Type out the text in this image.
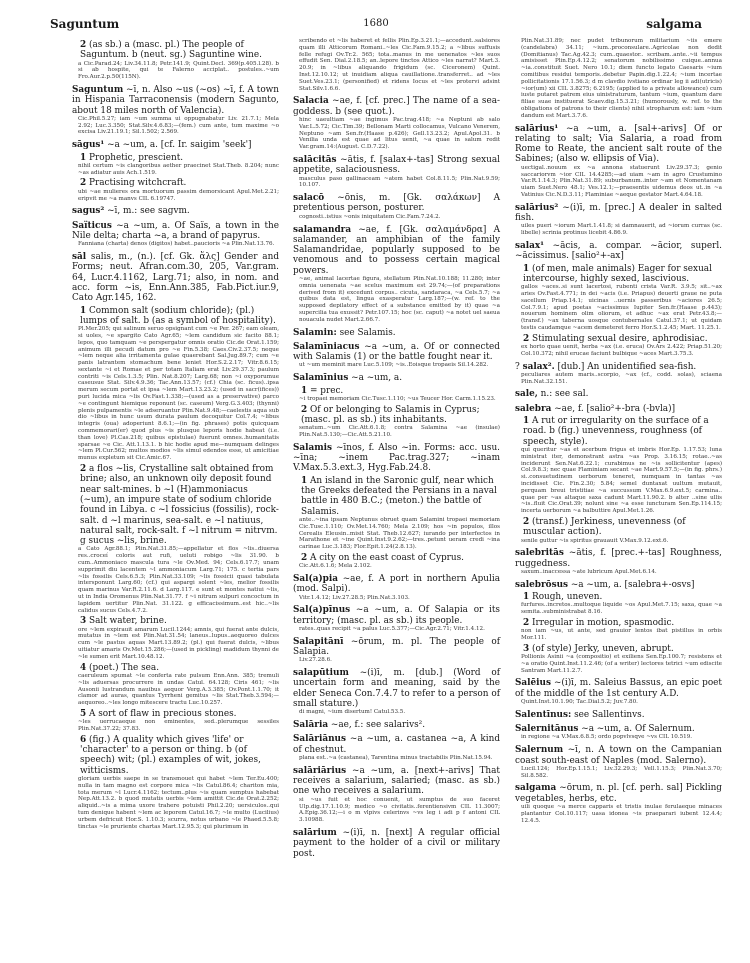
Saguntum	1680	salgama
2 (as sb.) a (masc. pl.) The people of Saguntum. b (neut. sg.) Saguntine wine.
a Cic.Parad.24; Liv.34.11.8; Petr.141.9; Quint.Decl. 369(p.405.l.28). b si ab hospite, qui te Falerno acciplat.. postules..~um Fro.Aur.2.p.50(115N).
Saguntum ~ī, n. Also ~us (~os) ~ī, f. A town in Hispania Tarraconensis (modern Sagunto, about 18 miles north of Valencia).
Cic.Phil.5.27; iam ~um summa ui oppugnabatur Liv. 21.7.1; Mela 2.92; Luc.3.350; Stat.Silv.4.6.83;—(fem.) cum ante, tum maxime ~o excisa Liv.21.19.1; Sil.1.502; 2.569.
sāgus¹ ~a ~um, a. [cf. Ir. saigim 'seek']
1 Prophetic, prescient.
nihil certum ~is clangoribus aether praecinet Stat.Theb. 8.204; nunc ~as adiatur auis Ach.1.519.
2 Practising witchcraft.
ubi ~ae mulieres ora mortuorum passim demorsicant Apul.Met.2.21; eripvit me ~a manvs CIL 6.19747.
sagus² ~ī, m.: see sagvm.
Saïticus ~a ~um, a. Of Saïs, a town in the Nile delta; charta ~a, a brand of papyrus.
Fanniana (charta) denos (digitos) habet..paucioris ~a Plin.Nat.13.76.
sāl salis, m., (n.). [cf. Gk. ἅλς] Gender and Forms; neut. Afran.com.30, 205, Var.gram. 64, Lucr.4.1162, Larg.71; also, in nom. and acc. form ~is, Enn.Ann.385, Fab.Pict.iur.9, Cato Agr.145, 162.
1 Common salt (sodium chloride); (pl.) lumps of salt. b (as a symbol of hospitality).
Pl.Mer.205; qui salinum seruo opsignant cum ~e Per. 267; eam oleam, si uoles, ~e spargito Cato Agr.65; ~lem candidum sic facito 88.1; lepos, quo tamquam ~e perspergatur omnis oratio Cic.de Orat.1.159; animum illi pecudi datum pro ~e Fin.5.38; Caes.Civ.2.37.5; neque ~lem neque alia irritamenta gulae quaerebant Sal.Jug.89.7; cum ~e panis latrantem stomachum bene leniet Hor.S.2.2.17; Vitr.8.6.15; sextante ~i et Romae et per totam Italiam erat Liv.29.37.3; paulum contriti ~is Cels.1.3.5; Plin. Nat.8.207; Larg.68; non ~i oxyporumue caseusue Stat. Silv.4.9.36; Tac.Ann.13.57; (cf.) Chia (sc. ficus)..ipsa merum secum portat et ipsa ~lem Mart.13.23.2; (used in sacr(ifices)) puri lucida mica ~lis Ov.Fast.1.338;—(used as a preservative) parco ~e contingunt hiemique reponunt (sc. caseum) Verg.G.3.403; (thynni) plenis pulpamentis ~le adseruantur Plin.Nat.9.48;—caelestis aqua sub dio ~libus in hunc usum durata paulum decoquitur Col.7.4; ~libus integris (oua) adoperiunt 8.6.1;—(in fig. phrases) potis quicquam commemorari(er) quod plus ~is plusque leporis hodie habeat (i.e. than love) Pl.Cas.218; quibus epistulae) fuerunt omnes..humanitatis sparsae ~e Cic. Att.1.13.1. b hic hodie apud me—numquam delinges ~lem Pl.Cur.562; multos modios ~lis simul edendos esse, ut amicitiae munus expletum sit Cic.Amic.67.
2 a flos ~lis, Crystalline salt obtained from brine; also, an unknown oily deposit found near salt-mines. b ~l (H)ammoniacus (~um), an impure state of sodium chloride found in Libya. c ~l fossicius (fossilis), rock-salt. d ~l marinus, sea-salt. e ~l natiuus, natural salt, rock-salt. f ~l nitrum = nitrvm. g sucus ~lis, brine.
a Cato Agr.88.1; Plin.Nat.31.85;—appellatur et flos ~lis..diuersa res..croceí coloris aut rufi, ueluti robigo ~lis 31.90. b cum..Ammoniaco mascula tura ~le Ov.Med. 94; Cels.6.17.7; unam supprimit diu lacentem ~l ammoniacum Larg.71; 175. c tertia pars ~lis fossilis Cels.6.5.3; Plin.Nat.33.109; ~lis fossicii quasi tabulata intersponunt Larg.60; (cf.) qui aspargi solent ~les, melior fossilis quam marinus Var.R.2.11.6. d Larg.117. e sunt et montes natiui ~lis, ut in India Oromenus Plin.Nat.31.77. f ~i nitrum sulpuri concoctum in lapidem uertitur Plin.Nat. 31.122. g efficacissimum..est hic..~lis calidus sucus Cels.4.7.2.
3 Salt water, brine.
ore ~lem expirauit amarum Lucil.1244; amnis, qui fuerat ante dulcis, mutatus in ~lem est Plin.Nat.31.54; laneus..lupus..aequoreo dulces cum ~le pastus aquas Mart.13.89.2; (pl.) qui fuerat dulcis, ~libus uitiatur amaris Ov.Met.15.286;—(used in pickling) madidum thynni de ~le sumen erit Mart.10.48.12.
4 (poet.) The sea.
caeruleum spumat ~le conferta rate pulsum Enn.Ann. 385; tremuli ~lis aduersas procurrere in undas Catul. 64.128; Ciris 461; ~lis Ausonii lustrandum nauibus aequor Verg.A.3.385; Ov.Pont.1.1.70; it clamor ad auras, quantus Tyrrheni gemitus ~lis Stat.Theb.3.594;—aequoreo..~les longo mitescere tractu Luc.10.257.
5 A sort of flaw in precious stones.
~les uerrucaeque non eminentes, sed..plerumque sessiles Plin.Nat.37.22; 37.83.
6 (fig.) A quality which gives 'life' or 'character' to a person or thing. b (of speech) wit; (pl.) examples of wit, jokes, witticisms.
gloriam uerbis saepe in se transmouet qui habet ~lem Ter.Eu.400; nulla in tam magno est corpore mica ~lis Catul.86.4; chariton mia, tota merum ~l Lucr.4.1162; tectum..plus ~is quam sumptus habebat Nep.Att.13.2. b quod mutatis uerbis ~lem amittit Cic.de Orat.2.252; aliquid..~is a mima uxore trahere potuisti Phil.2.20; uersiculos..qui tum denique habent ~lem ac leporem Catul.16.7; ~le multo (Lucilius) urbem defricuit Hor.S. 1.10.3; scurra, notus urbano ~le Phaed.5.5.8; tinctas ~le pruriente chartas Mart.12.95.3; qui plurimum in
scribendo et ~lis haberet et fellis Plin.Ep.3.21.1;—accedunt..salsiores quam illi Atticorum Romani..~les Cic.Fam.9.15.2; a ~libus suffusis felle refugi Ov.Tr.2. 565; tota..manus in me uenenatos ~les suos effudit Sen. Dial.2.18.5; an..lepore tinctos Attico ~les narrat? Mart.3. 20.9; in ~libus aliquando frigidum (sc. Ciceronem) Quint. Inst.12.10.12; ut inuidiam aliqua cauillatione..transferret.. ad ~les Suet.Ves.23.1; (personified) et ridens Iocus et ~les protervi adsint Stat.Silv.1.6.6.
Salacia ~ae, f. [cf. prec.] The name of a sea-goddess. b (see quot.).
hinc uaeultiam ~ae ingimus Pac.trag.418; ~a Neptuni ab salo Var.L.5.72; Cic.Tim.39; Bellonam Marti collocamus, Vulcano Venerem, Neptuno ~am Sen.fr.(Haase p.426); Gell.13.23.2; Apul.Apol.31. b Venilia unda est quae ad litus uenit, ~a quae in salum redit Var.gram.14:(August. C.D.7.22).
salācitās ~ātis, f. [salax+-tas] Strong sexual appetite, salaciousness.
masculus paso gallinaceam ~atem habet Col.8.11.5; Plin.Nat.9.59; 10.107.
salacō ~ōnis, m. [Gk. σαλάκων] A pretentious person, posturer.
cognosti..istius ~onis iniquitatem Cic.Fam.7.24.2.
salamandra ~ae, f. [Gk. σαλαμάνδρα] A salamander, an amphibian of the family Salamandridae, popularly supposed to be venomous and to possess certain magical powers.
~ae, animal lacertae figura, stellatum Plin.Nat.10.188; 11.280; inter omnia uenenata ~ae scelus maximum est 29.74;—(of preparations derived from it) excedunt corpus.. cicuta, sandaraca, ~a Cels.5.7; ~a quibus data est, lingua exasperatur Larg.187;—(w. ref. to the supposed depilatory effect of a substance emitted by it) quae ~a supercilia tua exussit? Petr.107.15; hoc (sc. caput) ~a notet uel saeua nouacula nudet Mart.2.66.7.
Salamin: see Salamis.
Salamīniacus ~a ~um, a. Of or connected with Salamis (1) or the battle fought near it.
ut ~um meminit mare Luc.5.109; ~is..Eoisque tropaeis Sil.14.282.
Salamīnius ~a ~um, a.
1 = prec.
~i tropaei memoriam Cic.Tusc.1.110; ~us Teucer Hor. Carm.1.15.23.
2 Of or belonging to Salamis in Cyprus; (masc. pl. as sb.) its inhabitants.
senatum..~um Cic.Att.6.1.8; contra Salamina ~ae (insulae) Plin.Nat.5.130;—Cic.Att.5.21.10.
Salamis ~īnos, f. Also ~in. Forms: acc. usu. ~īna; ~inem Pac.trag.327; ~inam V.Max.5.3.ext.3, Hyg.Fab.24.8.
1 An island in the Saronic gulf, near which the Greeks defeated the Persians in a naval battle in 480 B.C.; (meton.) the battle of Salamis.
ante..~ina ipsam Neptunus obruet quam Salamini tropaei memoriam Cic.Tusc.1.110; Ov.Met.14.760; Mela 2.109; hos ~in populos, illos Cerealis Eleusin..misit Stat. Theb.12.627; iurando per interfectos in Marathone et ~ine Quint.Inst.9.2.62;—tres..petunt ueram credi ~ina carinae Luc.3.183; Flor.Epit.1.24(2.8.13).
2 A city on the east coast of Cyprus.
Cic.Att.6.1.6; Mela 2.102.
Sal(a)pia ~ae, f. A port in northern Apulia (mod. Salpi).
Vitr.1.4.12; Liv.27.28.5; Plin.Nat.3.103.
Sal(a)pīnus ~a ~um, a. Of Salapia or its territory; (masc. pl. as sb.) its people.
rates..quas recipit ~a palus Luc.5.377;—Cic.Agr.2.71; Vitr.1.4.12.
Salapitānī ~ōrum, m. pl. The people of Salapia.
Liv.27.28.6.
salapūtium ~(i)ī, m. [dub.] (Word of uncertain form and meaning, said by the elder Seneca Con.7.4.7 to refer to a person of small stature.)
di magni, ~ium disertum! Catul.53.5.
Salāria ~ae, f.: see salarivs².
Salāriānus ~a ~um, a. castanea ~a, A kind of chestnut.
plana est..~a (castanea), Tarentina minus tractabilis Plin.Nat.15.94.
salāriārius ~a ~um, a. [next+-arivs] That receives a salarium, salaried; (masc. as sb.) one who receives a salarium.
si ~us fuit et hoc conuenit, ut sumptus de suo faceret Ulp.dig.17.1.10.9; medico ~o civitatis..ferentiensivm CIL 11.3007; A.Epig.36.12;—i o m vlpivs celerinvs ~vs leg i adi p f antoni CIL 3.10988.
salārium ~(i)ī, n. [next] A regular official payment to the holder of a civil or military post.
Plin.Nat.31.89; nec pudet tribunorum militarium ~iis emere (candelabra) 34.11; ~ium..proconsulare..Agricolae non dedit (Domitianus) Tac.Ag.42.3; cum..quaestor.. scribam..ante..~ii tempus amisisset Plin.Ep.4.12.2; senatorum nobilissimo cuique..annua ~ia..constituit Suet. Nero 10.1; diem functo legato Caesaris ~ium comitibus residui temporis..debetur Papin.dig.1.22.4; ~ium incertae pollicitationis 17.1.56.3; d m clavdio ivstiano ordinar leg ii adi(utricis) ~ior(um) xii CIL 3.8275; 6.2195; (applied to a private allowance) cum iuste putaret patrem eius uinistraturum, tantum ~ium, quantum dare filiae suae instituerat Scaev.dig.15.3.21; (humorously, w. ref. to the obligations of patrons to their clients) nihil stropharum est: iam ~ium dandum est Mart.3.7.6.
salārius¹ ~a ~um, a. [sal+-arivs] Of or relating to salt; Via Salaria, a road from Rome to Reate, the ancient salt route of the Sabines; (also w. ellipsis of Via).
uectigal..nouum ex ~a annona statuerunt Liv.29.37.3; genio saccariorvm ~ior CIL 14.4285;—ad uiam ~am in agro Crustumino Var.R.1.14.3; Plin.Nat.31.89; suburbanum..inter ~am et Nomentanam uiam Suet.Nero 48.1; Ves.12.1;—praesentis uidemus deos ut..in ~a Vatinius Cic.N.D.3.11; Flaminiae ~aeque gestator Mart.4.64.18.
salārius² ~(i)ī, m. [prec.] A dealer in salted fish.
uiles pueri ~iorum Mart.1.41.8; si damnauerit, ad ~iorum curras (sc. libelle) scrinia protinus licebit 4.86.9.
salax¹ ~ācis, a. compar. ~ācior, superl. ~ācissimus. [salio²+-ax]
1 (of men, male animals) Eager for sexual intercourse, highly sexed, lascivious.
gallos ~aces..si sunt lacertosi, rubenti crista Var.R. 3.9.5; sit..~ax aries Ov.Fast.4.771; in dei ~acis (i.e. Priapus) deuerti graue ne puta sacellum Priap.14.1; uicinas ..uernis passeribus ~aciores 26.5; Col.7.9.1; apud poetas ~acissimus Iupiter Sen.fr.(Haase p.443); nouerum hominem olim oliorum, et adhuc ~ax erat Petr.43.8;—(transf.) ~ax taberna uosque contubernales Catul.37.1; ut quidam testis caudamque ~acem demeteret ferro Hor.S.1.2.45; Mart. 11.25.1.
2 Stimulating sexual desire, aphrodisiac.
ex horto quae uenit, herba ~ax (i.e. eruca) Ov.Ars 2.422; Priap.51.20; Col.10.372; nihil erucae faciunt bulbique ~aces Mart.3.75.3.
? salax². [dub.] An unidentified sea-fish.
peculiares autem maris..scorpio, ~ax (cf., codd. solas), sciaena Plin.Nat.32.151.
sale, n.: see sal.
salebra ~ae, f. [salio²+-bra (-bvla)]
1 A rut or irregularity on the surface of a road. b (fig.) unevenness, roughness (of speech, style).
qui queritur ~as et acerbum frigus et imbris Hor.Ep. 1.17.53; luna ministrat iter, demonstrant astra ~as Prop. 3.16.15; rotae..~as inciderunt Sen.Nat.6.22.1; curabimus ne ~is sollicitentur (apes) Col.9.8.3; nec quae Flaminiam secant ~ae Mart.9.57.5;—(in fig. phrs.) si..consuetudinem uerborum teneret, numquam in tantas ~as incidisset Cic. Fin.2.30; 5.84; semel duntaxat uultum mutauit, perquam breui tristitiae ~a succussum V.Max.6.9.ext.5; carmina.. quae per ~as altaque saxa cadunt Mart.11.90.2. b alter ..sine ullis ~is..fluit Cic.Orat.39; nolunt sine ~a esse iuncturam Sen.Ep.114.15; incerta uerborum ~a balbuttire Apul.Met.1.26.
2 (transf.) Jerkiness, unevenness (of muscular action).
senile guttur ~is spiritus grauauit V.Max.9.12.ext.6.
salebritās ~ātis, f. [prec.+-tas] Roughness, ruggedness.
saxum..inaccessa ~ate lubricum Apul.Met.6.14.
salebrōsus ~a ~um, a. [salebra+-osvs]
1 Rough, uneven.
furfures..incretos..multoque liquide ~os Apul.Met.7.15; saxa, quae ~a semita..subministrabat 8.16.
2 Irregular in motion, spasmodic.
non iam ~us, ut ante, sed grauior lentos ibat pistillus in orbis Mor.111.
3 (of style) Jerky, uneven, abrupt.
Pollionis Asinii ~a (compositio) et exiliens Sen.Ep.100.7; resistens et ~a oratio Quint.Inst.11.2.46; (of a writer) lectores tetrici ~um ediscite Santram Mart.11.2.7.
Salēius ~(i)ī, m. Saleius Bassus, an epic poet of the middle of the 1st century A.D.
Quint.Inst.10.1.90; Tac.Dial.5.2; Juv.7.80.
Salentīnus: see Sallentinvs.
Salernitānus ~a ~um, a. Of Salernum.
in regione ~a V.Max.6.8.5; ordo popvlvsqve ~vs CIL 10.519.
Salernum ~ī, n. A town on the Campanian coast south-east of Naples (mod. Salerno).
Lucil.124; Hor.Ep.1.15.1; Liv.32.29.3; Vell.1.15.3; Plin.Nat.3.70; Sil.8.582.
salgama ~ōrum, n. pl. [cf. perh. sal] Pickling vegetables, herbs, etc.
uili quoque ~a merce capparis et tristis inulae ferulaeque minaces plantantur Col.10.117; uasa idonea ~is praeparari iubent 12.4.4; 12.4.5.
